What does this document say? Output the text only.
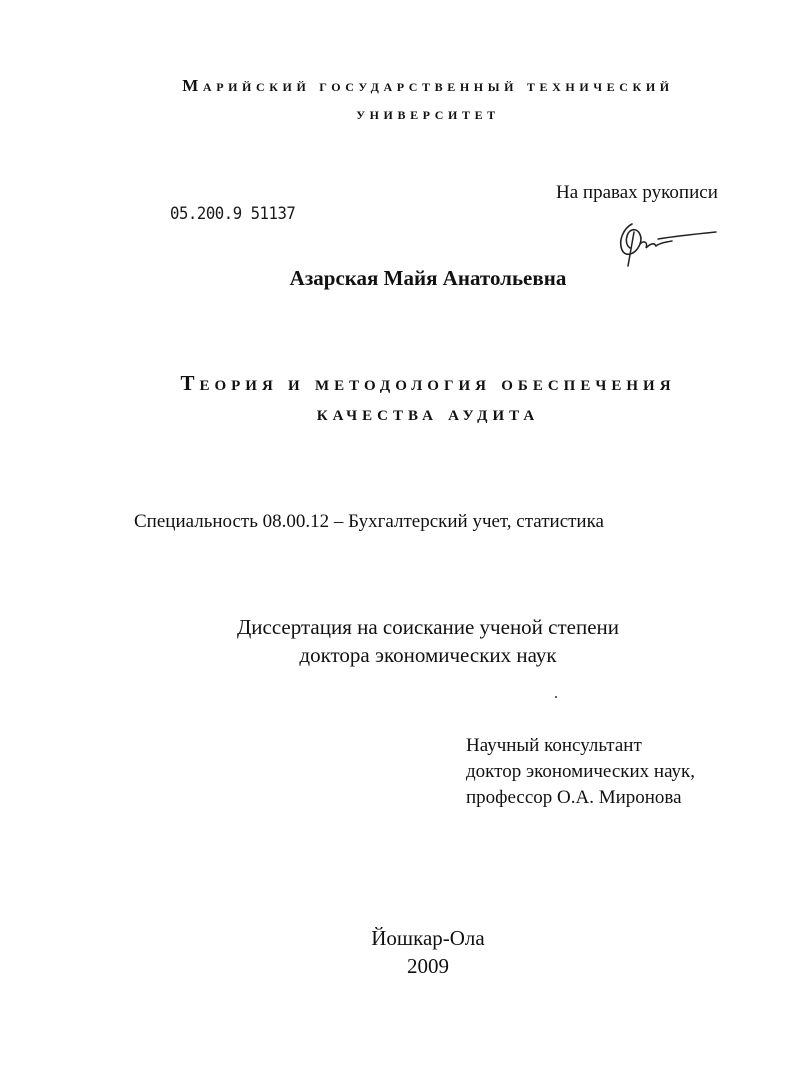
Марийский государственный технический
университет
На правах рукописи
05.200.9 51137
Азарская Майя Анатольевна
Теория и методология обеспечения
качества аудита
Специальность 08.00.12 – Бухгалтерский учет, статистика
Диссертация на соискание ученой степени
доктора экономических наук
Научный консультант
доктор экономических наук,
профессор О.А. Миронова
Йошкар-Ола
2009
